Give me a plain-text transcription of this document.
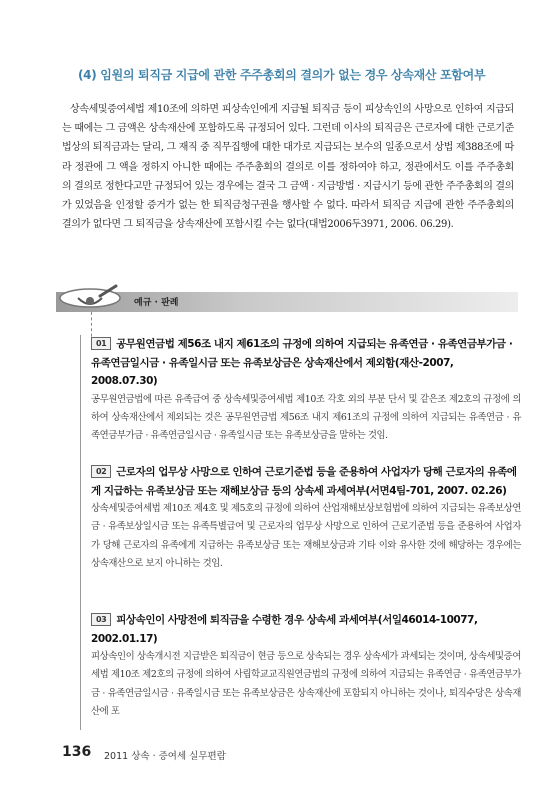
(4) 임원의 퇴직금 지급에 관한 주주총회의 결의가 없는 경우 상속재산 포함여부
상속세및증여세법 제10조에 의하면 피상속인에게 지급될 퇴직금 등이 피상속인의 사망으로 인하여 지급되는 때에는 그 금액은 상속재산에 포함하도록 규정되어 있다. 그런데 이사의 퇴직금은 근로자에 대한 근로기준법상의 퇴직금과는 달리, 그 재직 중 직무집행에 대한 대가로 지급되는 보수의 일종으로서 상법 제388조에 따라 정관에 그 액을 정하지 아니한 때에는 주주총회의 결의로 이를 정하여야 하고, 정관에서도 이를 주주총회의 결의로 정한다고만 규정되어 있는 경우에는 결국 그 금액 · 지급방법 · 지급시기 등에 관한 주주총회의 결의가 있었음을 인정할 증거가 없는 한 퇴직금청구권을 행사할 수 없다. 따라서 퇴직금 지급에 관한 주주총회의 결의가 없다면 그 퇴직금을 상속재산에 포함시킬 수는 없다(대법2006두3971, 2006. 06.29).
예규 · 판례
01 공무원연금법 제56조 내지 제61조의 규정에 의하여 지급되는 유족연금 · 유족연금부가금 · 유족연금일시금 · 유족일시금 또는 유족보상금은 상속재산에서 제외함(재산-2007, 2008.07.30)
공무원연금법에 따른 유족급여 중 상속세및증여세법 제10조 각호 외의 부분 단서 및 같은조 제2호의 규정에 의하여 상속재산에서 제외되는 것은 공무원연금법 제56조 내지 제61조의 규정에 의하여 지급되는 유족연금 · 유족연금부가금 · 유족연금일시금 · 유족일시금 또는 유족보상금을 말하는 것임.
02 근로자의 업무상 사망으로 인하여 근로기준법 등을 준용하여 사업자가 당해 근로자의 유족에게 지급하는 유족보상금 또는 재해보상금 등의 상속세 과세여부(서면4팀-701, 2007. 02.26)
상속세및증여세법 제10조 제4호 및 제5호의 규정에 의하여 산업재해보상보험법에 의하여 지급되는 유족보상연금 · 유족보상일시금 또는 유족특별급여 및 근로자의 업무상 사망으로 인하여 근로기준법 등을 준용하여 사업자가 당해 근로자의 유족에게 지급하는 유족보상금 또는 재해보상금과 기타 이와 유사한 것에 해당하는 경우에는 상속재산으로 보지 아니하는 것임.
03 피상속인이 사망전에 퇴직금을 수령한 경우 상속세 과세여부(서일46014-10077, 2002.01.17)
피상속인이 상속개시전 지급받은 퇴직금이 현금 등으로 상속되는 경우 상속세가 과세되는 것이며, 상속세및증여세법 제10조 제2호의 규정에 의하여 사립학교교직원연금법의 규정에 의하여 지급되는 유족연금 · 유족연금부가금 · 유족연금일시금 · 유족일시금 또는 유족보상금은 상속재산에 포함되지 아니하는 것이나, 퇴직수당은 상속재산에 포
136 2011 상속 · 증여세 실무편람
